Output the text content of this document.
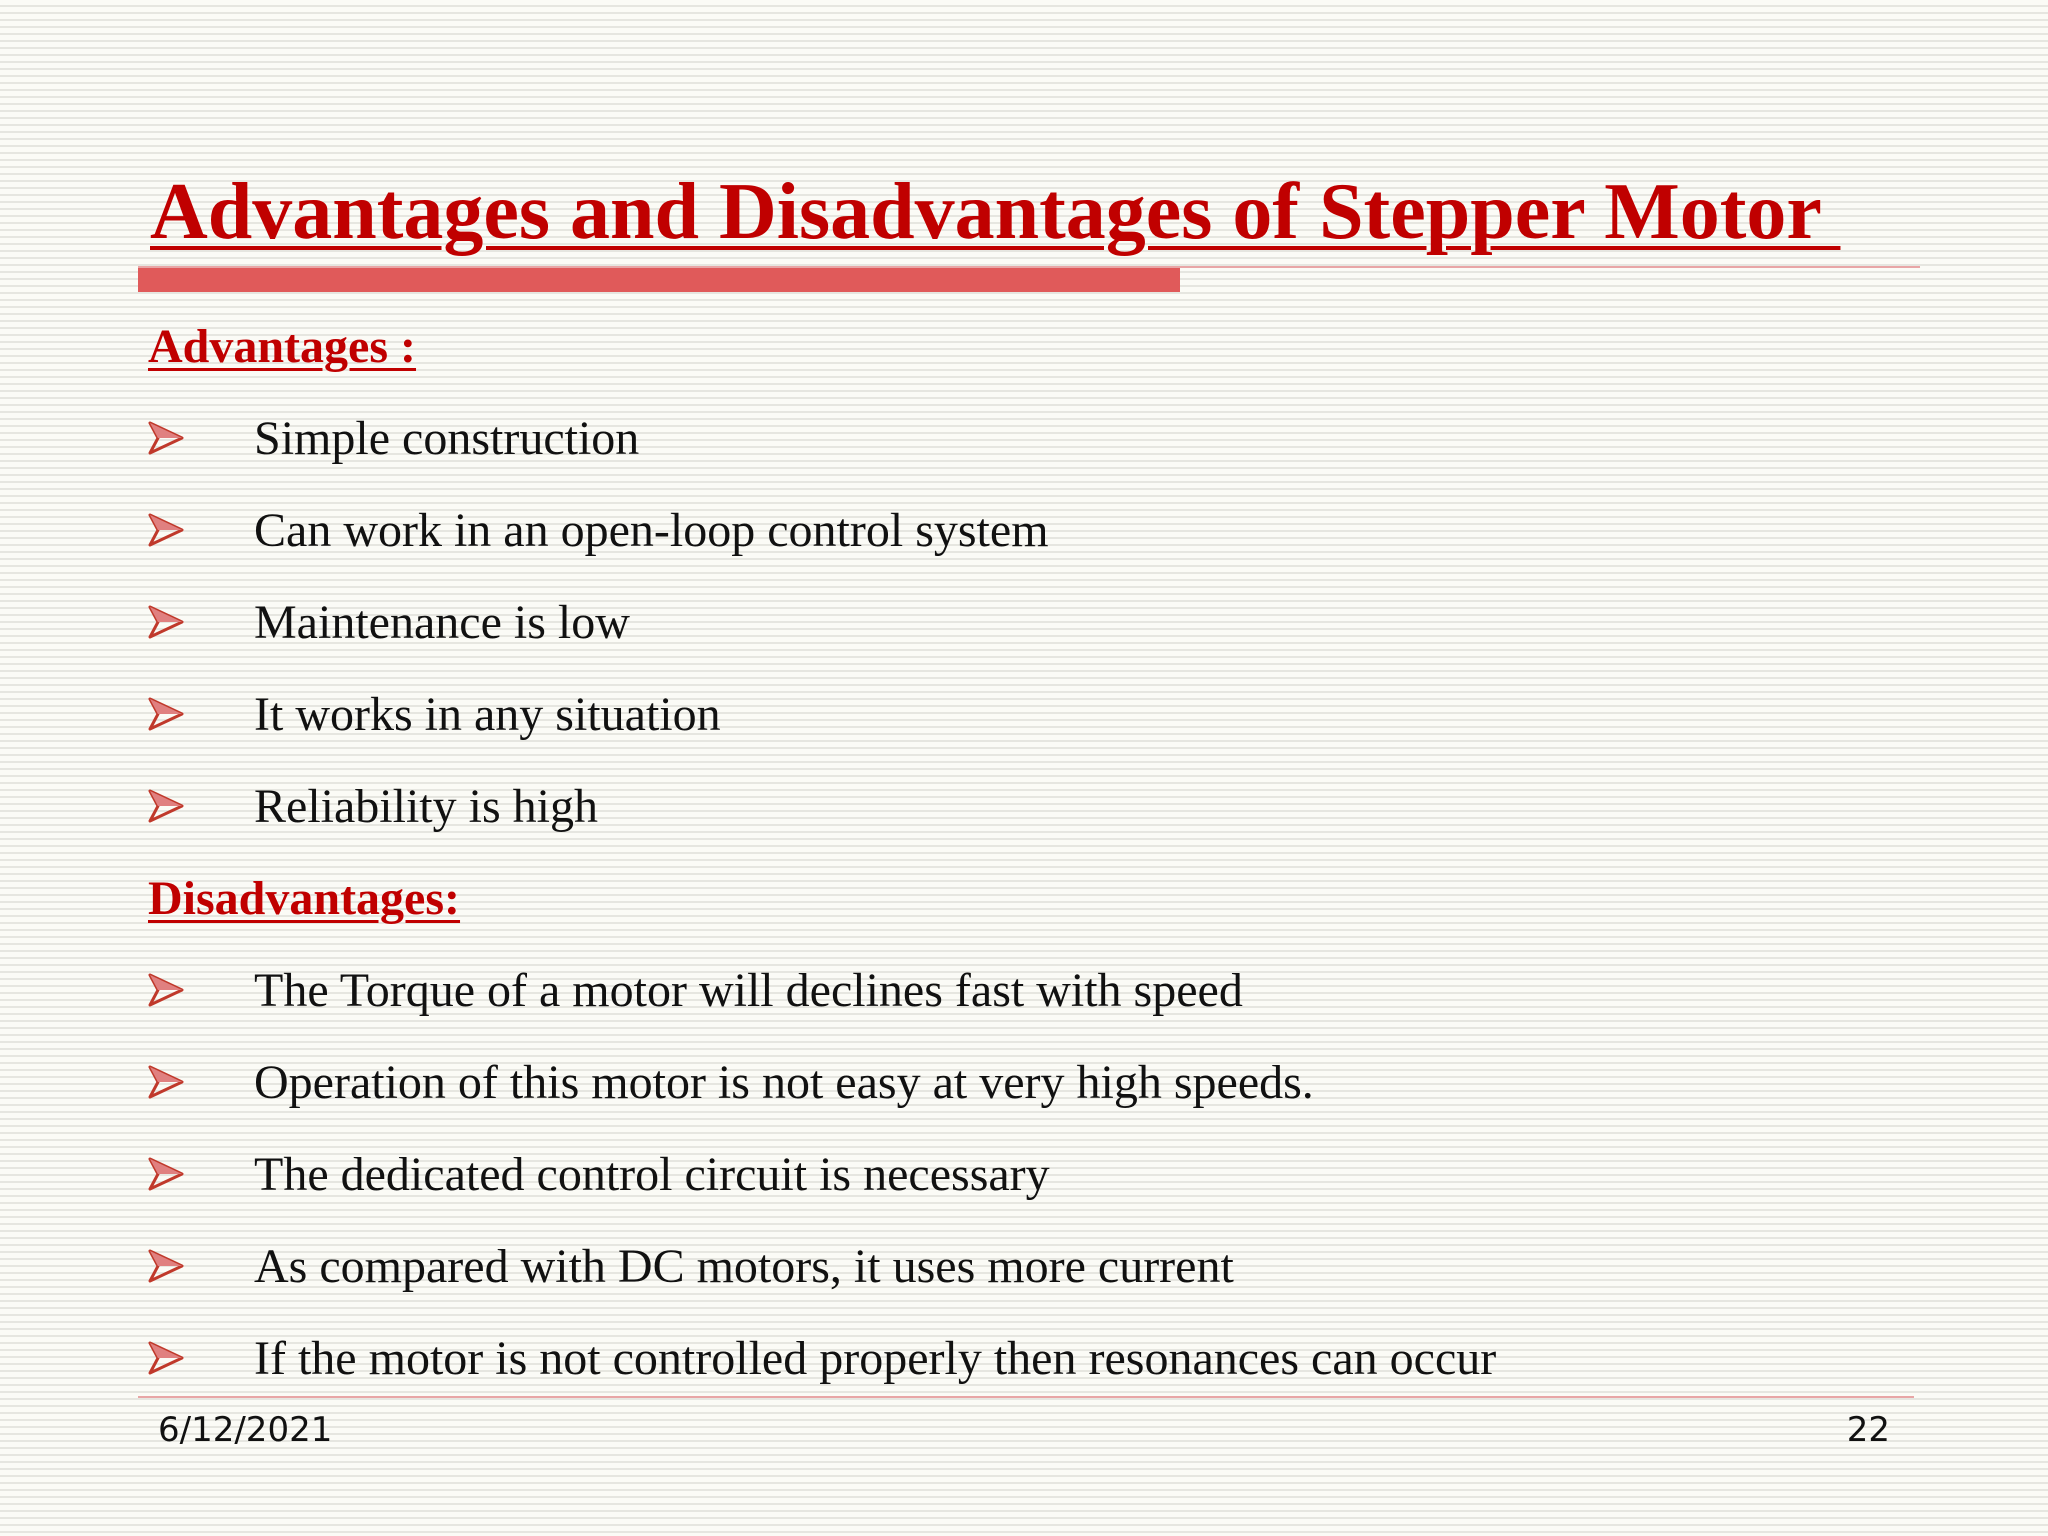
Advantages and Disadvantages of Stepper Motor
Advantages :
Simple construction
Can work in an open-loop control system
Maintenance is low
It works in any situation
Reliability is high
Disadvantages:
The Torque of a motor will declines fast with speed
Operation of this motor is not easy at very high speeds.
The dedicated control circuit is necessary
As compared with DC motors, it uses more current
If the motor is not controlled properly then resonances can occur
6/12/2021	22
